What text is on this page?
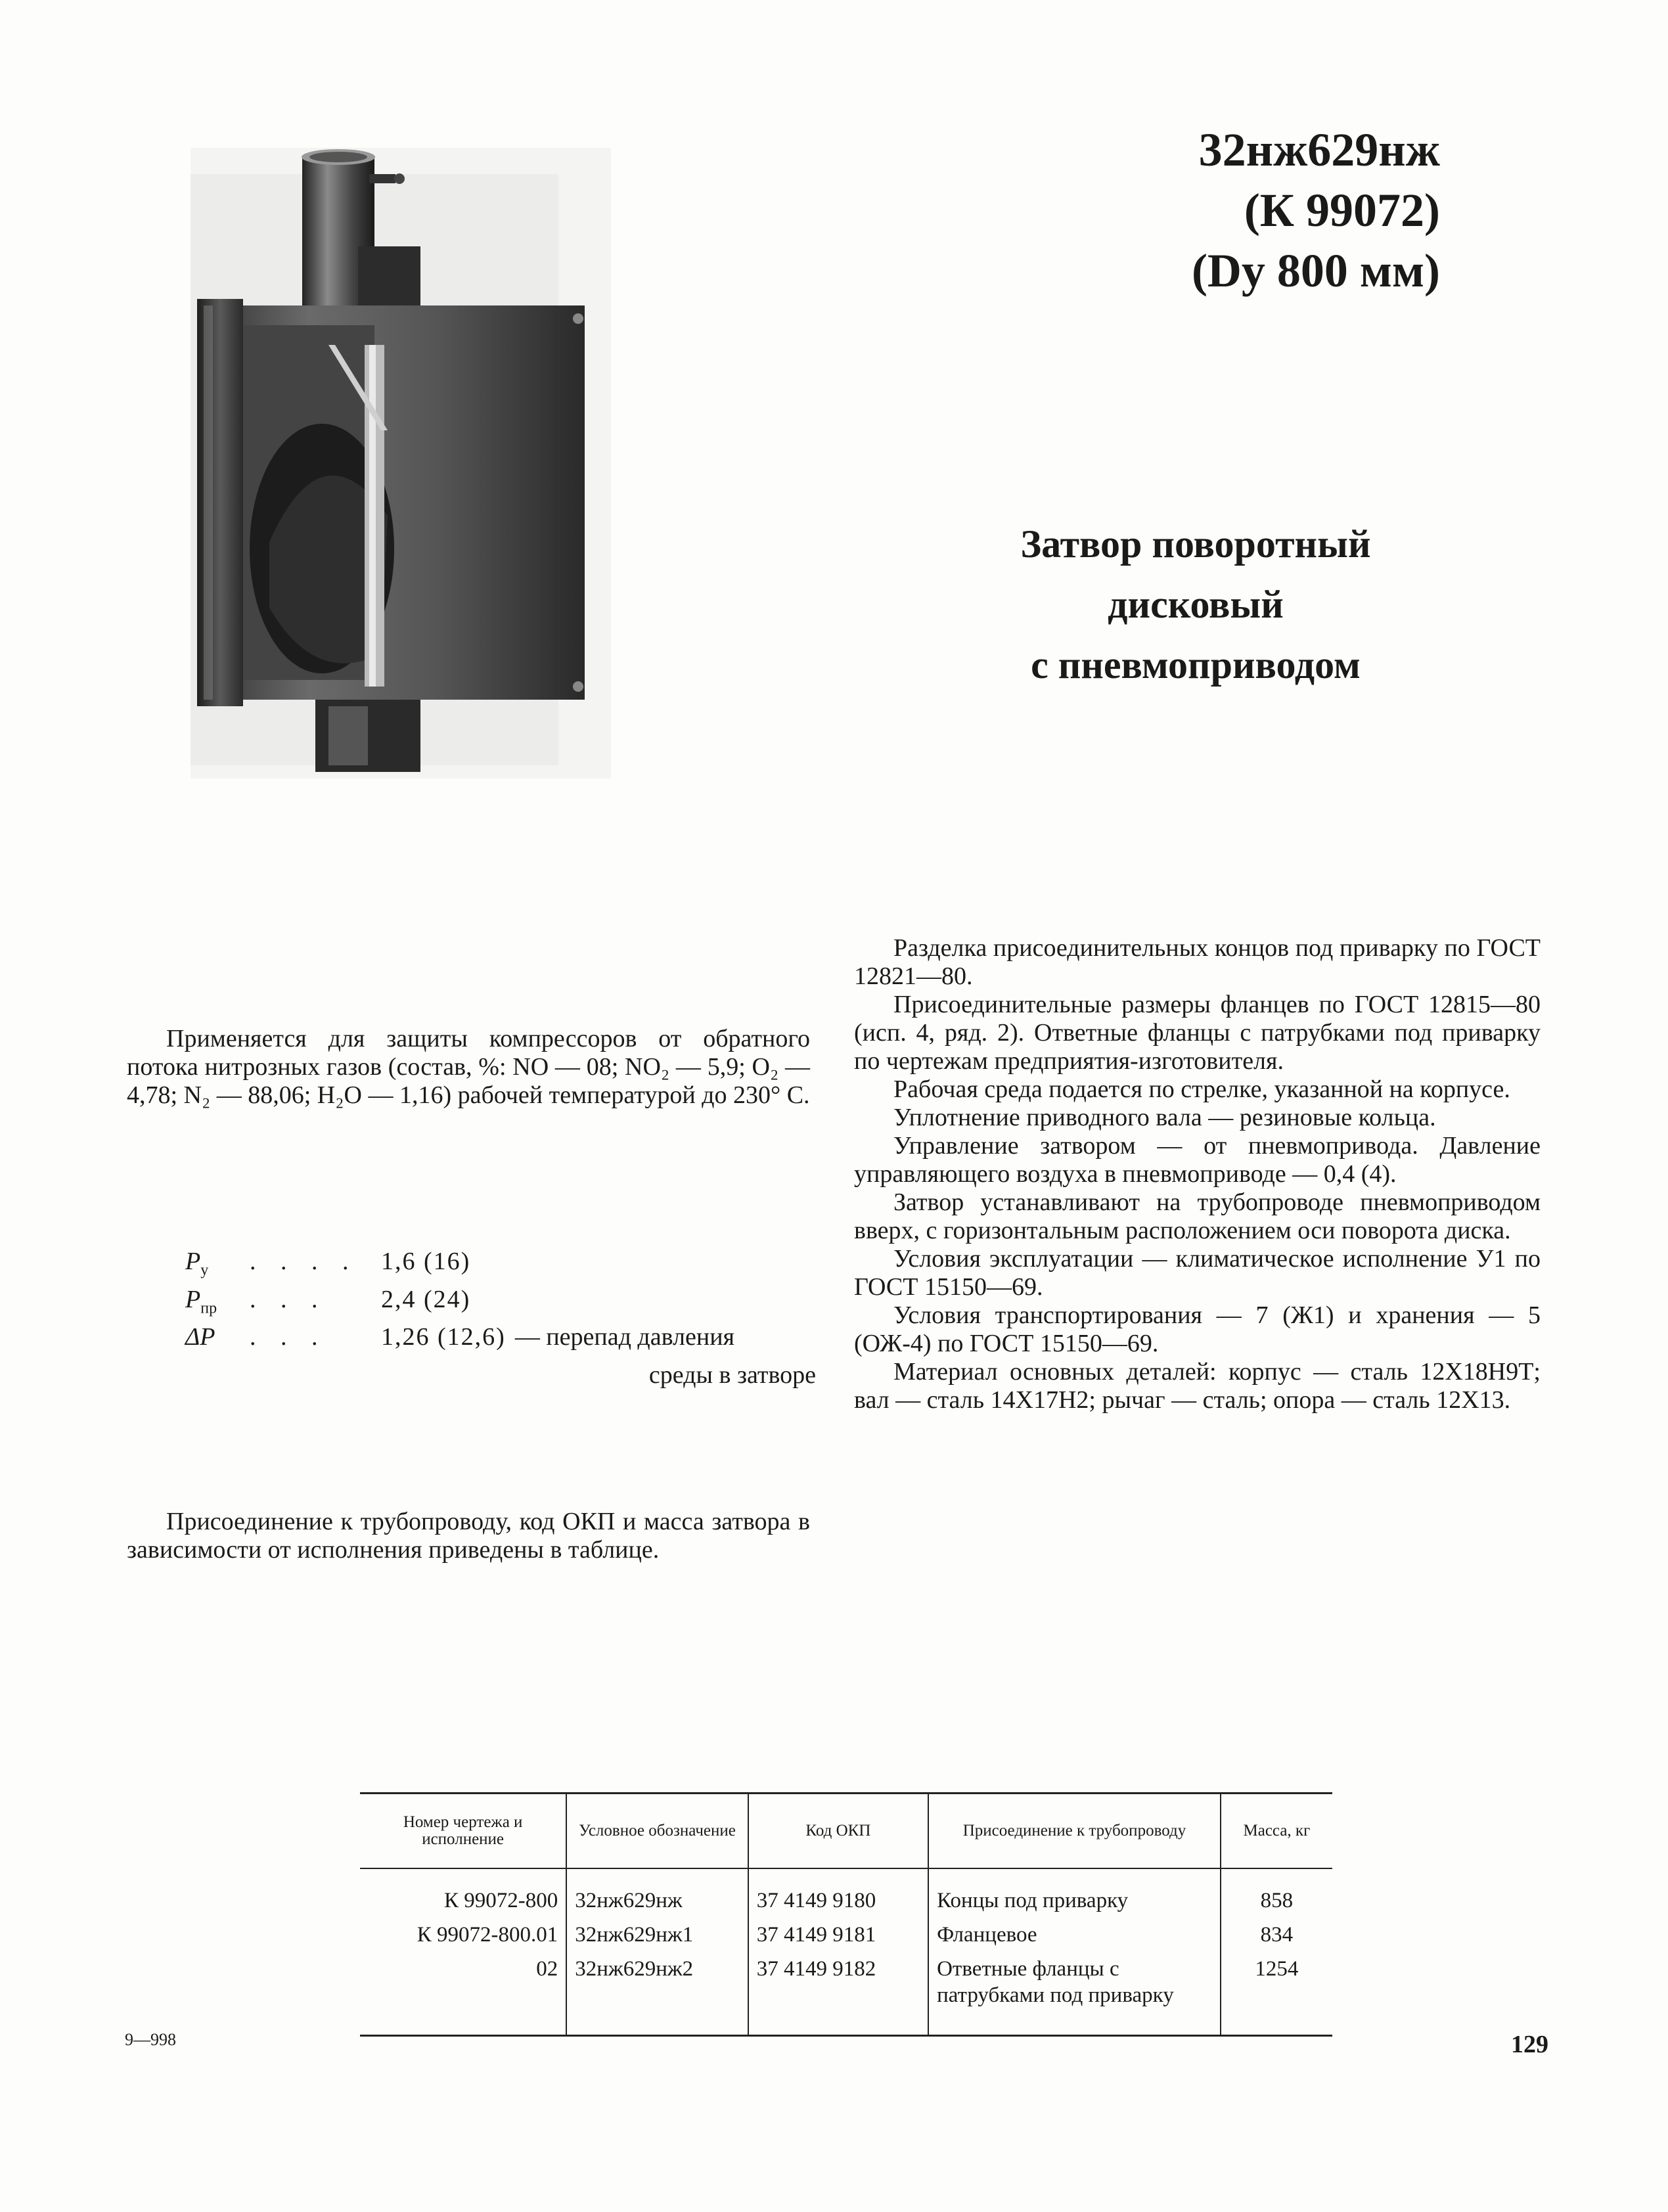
32нж629нж
(К 99072)
(Dу 800 мм)
Затвор поворотный
дисковый
с пневмоприводом

Применяется для защиты компрессоров от обратного потока нитрозных газов (состав, %: NO — 08; NO₂ — 5,9; O₂ — 4,78; N₂ — 88,06; H₂O — 1,16) рабочей температурой до 230° С.

$P_у$	. . . . 1,6 (16)
$P_{пр}$	. . .	2,4 (24)
ΔP	. . .	1,26 (12,6) — перепад давления
среды в затворе

Присоединение к трубопроводу, код ОКП и масса затвора в зависимости от исполнения приведены в таблице.

Разделка присоединительных концов под приварку по ГОСТ 12821—80.

Присоединительные размеры фланцев по ГОСТ 12815—80 (исп. 4, ряд. 2). Ответные фланцы с патрубками под приварку по чертежам предприятия-изготовителя.

Рабочая среда подается по стрелке, указанной на корпусе.

Уплотнение приводного вала — резиновые кольца.

Управление затвором — от пневмопривода. Давление управляющего воздуха в пневмоприводе — 0,4 (4).

Затвор устанавливают на трубопроводе пневмоприводом вверх, с горизонтальным расположением оси поворота диска.

Условия эксплуатации — климатическое исполнение У1 по ГОСТ 15150—69.

Условия транспортирования — 7 (Ж1) и хранения — 5 (ОЖ-4) по ГОСТ 15150—69.

Материал основных деталей: корпус — сталь 12Х18Н9Т; вал — сталь 14Х17Н2; рычаг — сталь; опора — сталь 12Х13.

Номер чертежа и исполнение	Условное обозначение	Код ОКП	Присоединение к трубопроводу	Масса, кг
К 99072-800	32нж629нж	37 4149 9180	Концы под приварку	858
К 99072-800.01	32нж629нж1	37 4149 9181	Фланцевое	834
02	32нж629нж2	37 4149 9182	Ответные фланцы с патрубками под приварку	1254
9—998	129
